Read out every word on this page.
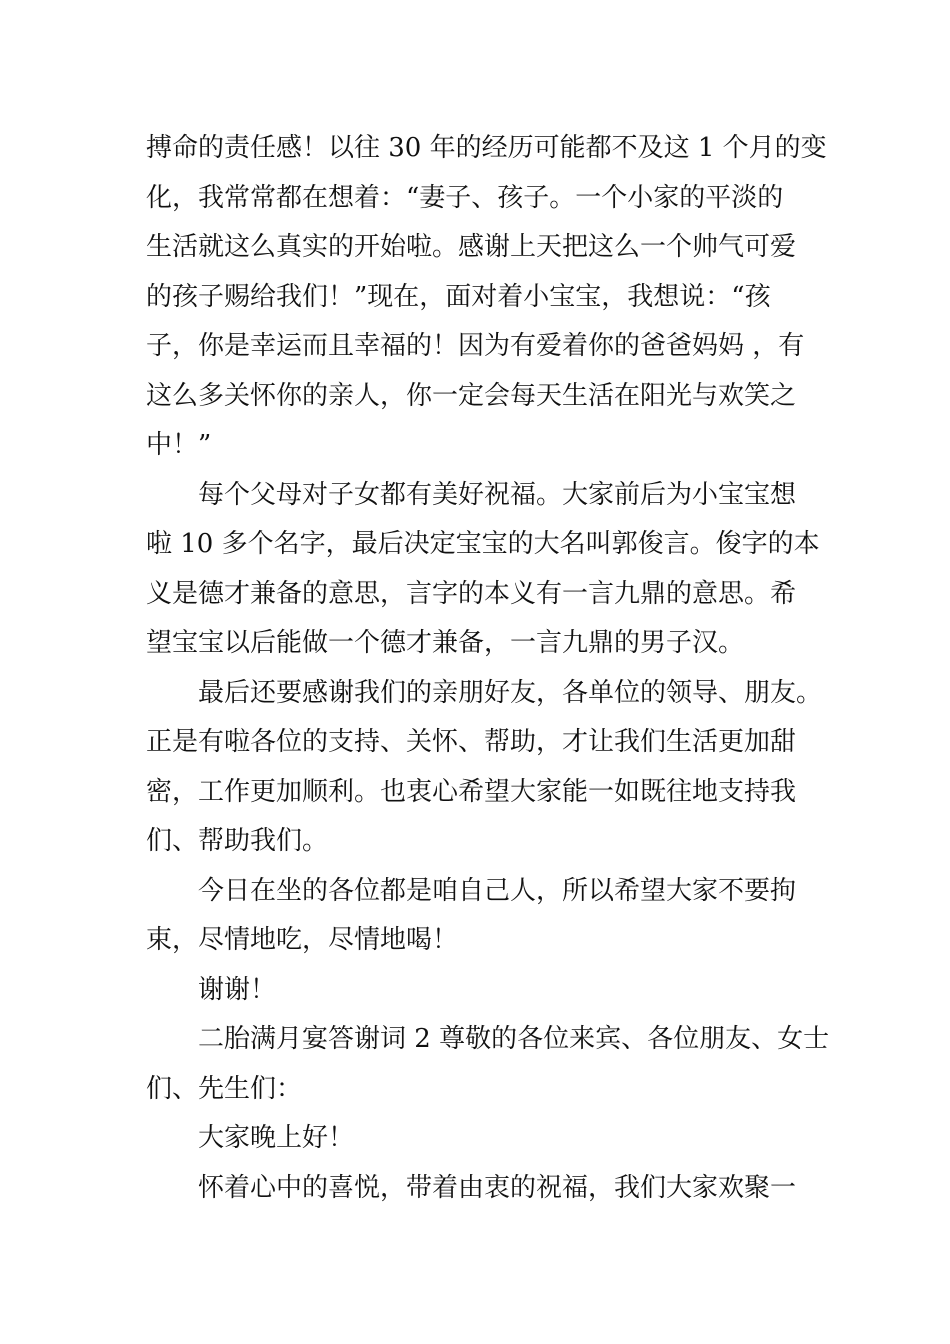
搏命的责任感！以往 30 年的经历可能都不及这 1 个月的变
化，我常常都在想着：“妻子、孩子。一个小家的平淡的
生活就这么真实的开始啦。感谢上天把这么一个帅气可爱
的孩子赐给我们！”现在，面对着小宝宝，我想说：“孩
子，你是幸运而且幸福的！因为有爱着你的爸爸妈妈 ，有
这么多关怀你的亲人，你一定会每天生活在阳光与欢笑之
中！”
每个父母对子女都有美好祝福。大家前后为小宝宝想
啦 10 多个名字，最后决定宝宝的大名叫郭俊言。俊字的本
义是德才兼备的意思，言字的本义有一言九鼎的意思。希
望宝宝以后能做一个德才兼备，一言九鼎的男子汉。
最后还要感谢我们的亲朋好友，各单位的领导、朋友。
正是有啦各位的支持、关怀、帮助，才让我们生活更加甜
密，工作更加顺利。也衷心希望大家能一如既往地支持我
们、帮助我们。
今日在坐的各位都是咱自己人，所以希望大家不要拘
束，尽情地吃，尽情地喝！
谢谢！
二胎满月宴答谢词 2 尊敬的各位来宾、各位朋友、女士
们、先生们：
大家晚上好！
怀着心中的喜悦，带着由衷的祝福，我们大家欢聚一
